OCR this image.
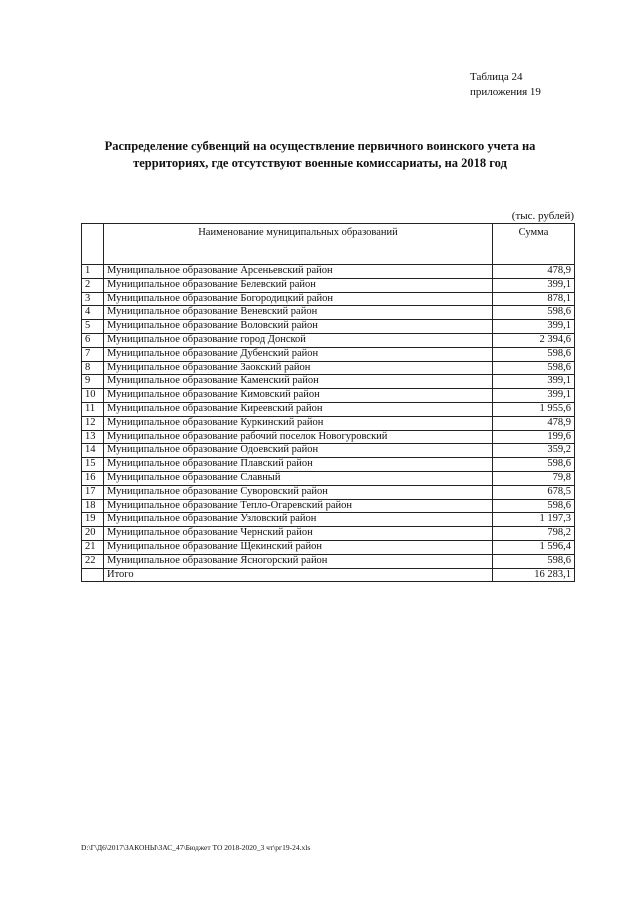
Таблица 24
приложения 19
Распределение субвенций на осуществление первичного воинского учета на
территориях, где отсутствуют военные комиссариаты, на 2018 год
(тыс. рублей)
	Наименование муниципальных образований	Сумма
1	Муниципальное образование Арсеньевский район	478,9
2	Муниципальное образование Белевский район	399,1
3	Муниципальное образование Богородицкий район	878,1
4	Муниципальное образование Веневский район	598,6
5	Муниципальное образование Воловский район	399,1
6	Муниципальное образование город Донской	2 394,6
7	Муниципальное образование Дубенский район	598,6
8	Муниципальное образование Заокский район	598,6
9	Муниципальное образование Каменский район	399,1
10	Муниципальное образование Кимовский район	399,1
11	Муниципальное образование Киреевский район	1 955,6
12	Муниципальное образование Куркинский район	478,9
13	Муниципальное образование рабочий поселок Новогуровский	199,6
14	Муниципальное образование Одоевский район	359,2
15	Муниципальное образование Плавский район	598,6
16	Муниципальное образование Славный	79,8
17	Муниципальное образование Суворовский район	678,5
18	Муниципальное образование Тепло-Огаревский район	598,6
19	Муниципальное образование Узловский район	1 197,3
20	Муниципальное образование Чернский район	798,2
21	Муниципальное образование Щекинский район	1 596,4
22	Муниципальное образование Ясногорский район	598,6
	Итого	16 283,1
D:\Г\Д6\2017\ЗАКОНЫ\ЗАС_47\Бюджет ТО 2018-2020_3 чт\рг19-24.xls
